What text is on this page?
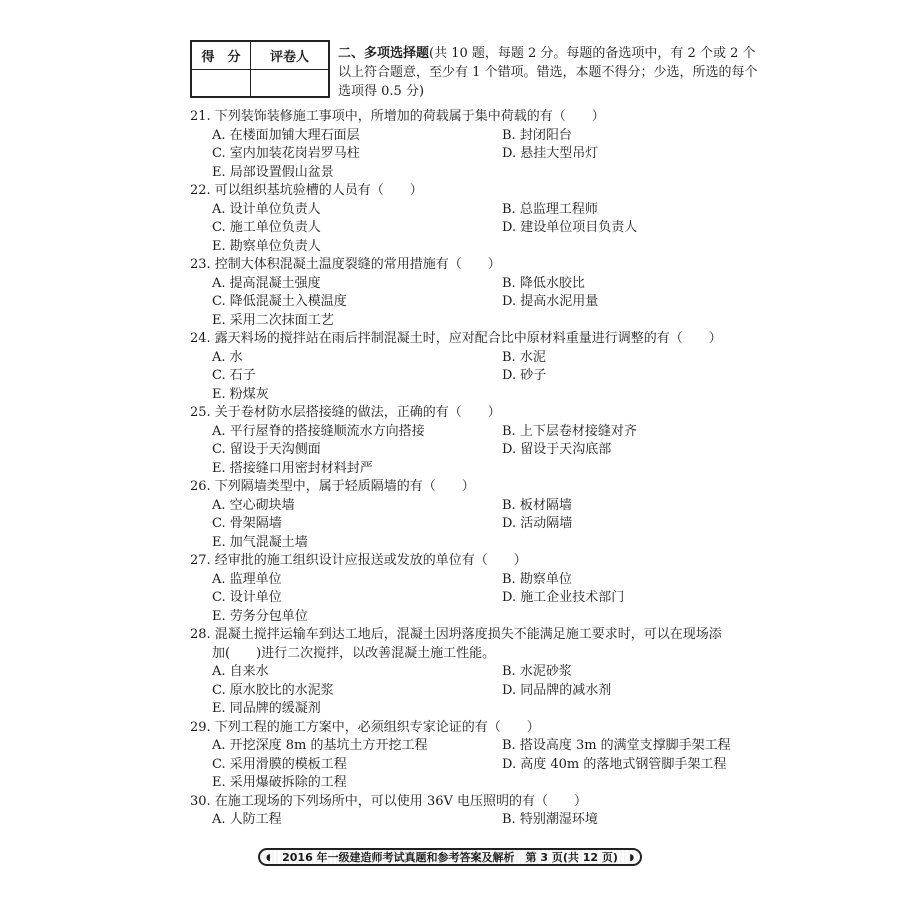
得　分	评卷人	二、多项选择题(共 10 题，每题 2 分。每题的备选项中，有 2 个或 2 个以上符合题意，至少有 1 个错项。错选，本题不得分；少选，所选的每个选项得 0.5 分)
21. 下列装饰装修施工事项中，所增加的荷载属于集中荷载的有（　　）
A. 在楼面加铺大理石面层	B. 封闭阳台
C. 室内加装花岗岩罗马柱	D. 悬挂大型吊灯
E. 局部设置假山盆景
22. 可以组织基坑验槽的人员有（　　）
A. 设计单位负责人	B. 总监理工程师
C. 施工单位负责人	D. 建设单位项目负责人
E. 勘察单位负责人
23. 控制大体积混凝土温度裂缝的常用措施有（　　）
A. 提高混凝土强度	B. 降低水胶比
C. 降低混凝土入模温度	D. 提高水泥用量
E. 采用二次抹面工艺
24. 露天料场的搅拌站在雨后拌制混凝土时，应对配合比中原材料重量进行调整的有（　　）
A. 水	B. 水泥
C. 石子	D. 砂子
E. 粉煤灰
25. 关于卷材防水层搭接缝的做法，正确的有（　　）
A. 平行屋脊的搭接缝顺流水方向搭接	B. 上下层卷材接缝对齐
C. 留设于天沟侧面	D. 留设于天沟底部
E. 搭接缝口用密封材料封严
26. 下列隔墙类型中，属于轻质隔墙的有（　　）
A. 空心砌块墙	B. 板材隔墙
C. 骨架隔墙	D. 活动隔墙
E. 加气混凝土墙
27. 经审批的施工组织设计应报送或发放的单位有（　　）
A. 监理单位	B. 勘察单位
C. 设计单位	D. 施工企业技术部门
E. 劳务分包单位
28. 混凝土搅拌运输车到达工地后，混凝土因坍落度损失不能满足施工要求时，可以在现场添
加(　　)进行二次搅拌，以改善混凝土施工性能。
A. 自来水	B. 水泥砂浆
C. 原水胶比的水泥浆	D. 同品牌的减水剂
E. 同品牌的缓凝剂
29. 下列工程的施工方案中，必须组织专家论证的有（　　）
A. 开挖深度 8m 的基坑土方开挖工程	B. 搭设高度 3m 的满堂支撑脚手架工程
C. 采用滑膜的模板工程	D. 高度 40m 的落地式钢管脚手架工程
E. 采用爆破拆除的工程
30. 在施工现场的下列场所中，可以使用 36V 电压照明的有（　　）
A. 人防工程	B. 特别潮湿环境
◖ 2016 年一级建造师考试真题和参考答案及解析　第 3 页(共 12 页) ◗
